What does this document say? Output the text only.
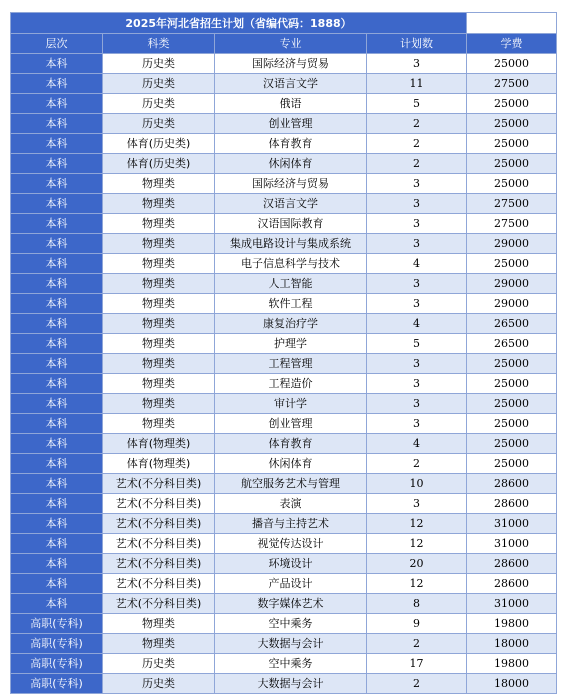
2025年河北省招生计划（省编代码：1888）				
层次	科类	专业	计划数	学费
本科	历史类	国际经济与贸易	3	25000
本科	历史类	汉语言文学	11	27500
本科	历史类	俄语	5	25000
本科	历史类	创业管理	2	25000
本科	体育(历史类)	体育教育	2	25000
本科	体育(历史类)	休闲体育	2	25000
本科	物理类	国际经济与贸易	3	25000
本科	物理类	汉语言文学	3	27500
本科	物理类	汉语国际教育	3	27500
本科	物理类	集成电路设计与集成系统	3	29000
本科	物理类	电子信息科学与技术	4	25000
本科	物理类	人工智能	3	29000
本科	物理类	软件工程	3	29000
本科	物理类	康复治疗学	4	26500
本科	物理类	护理学	5	26500
本科	物理类	工程管理	3	25000
本科	物理类	工程造价	3	25000
本科	物理类	审计学	3	25000
本科	物理类	创业管理	3	25000
本科	体育(物理类)	体育教育	4	25000
本科	体育(物理类)	休闲体育	2	25000
本科	艺术(不分科目类)	航空服务艺术与管理	10	28600
本科	艺术(不分科目类)	表演	3	28600
本科	艺术(不分科目类)	播音与主持艺术	12	31000
本科	艺术(不分科目类)	视觉传达设计	12	31000
本科	艺术(不分科目类)	环境设计	20	28600
本科	艺术(不分科目类)	产品设计	12	28600
本科	艺术(不分科目类)	数字媒体艺术	8	31000
高职(专科)	物理类	空中乘务	9	19800
高职(专科)	物理类	大数据与会计	2	18000
高职(专科)	历史类	空中乘务	17	19800
高职(专科)	历史类	大数据与会计	2	18000
